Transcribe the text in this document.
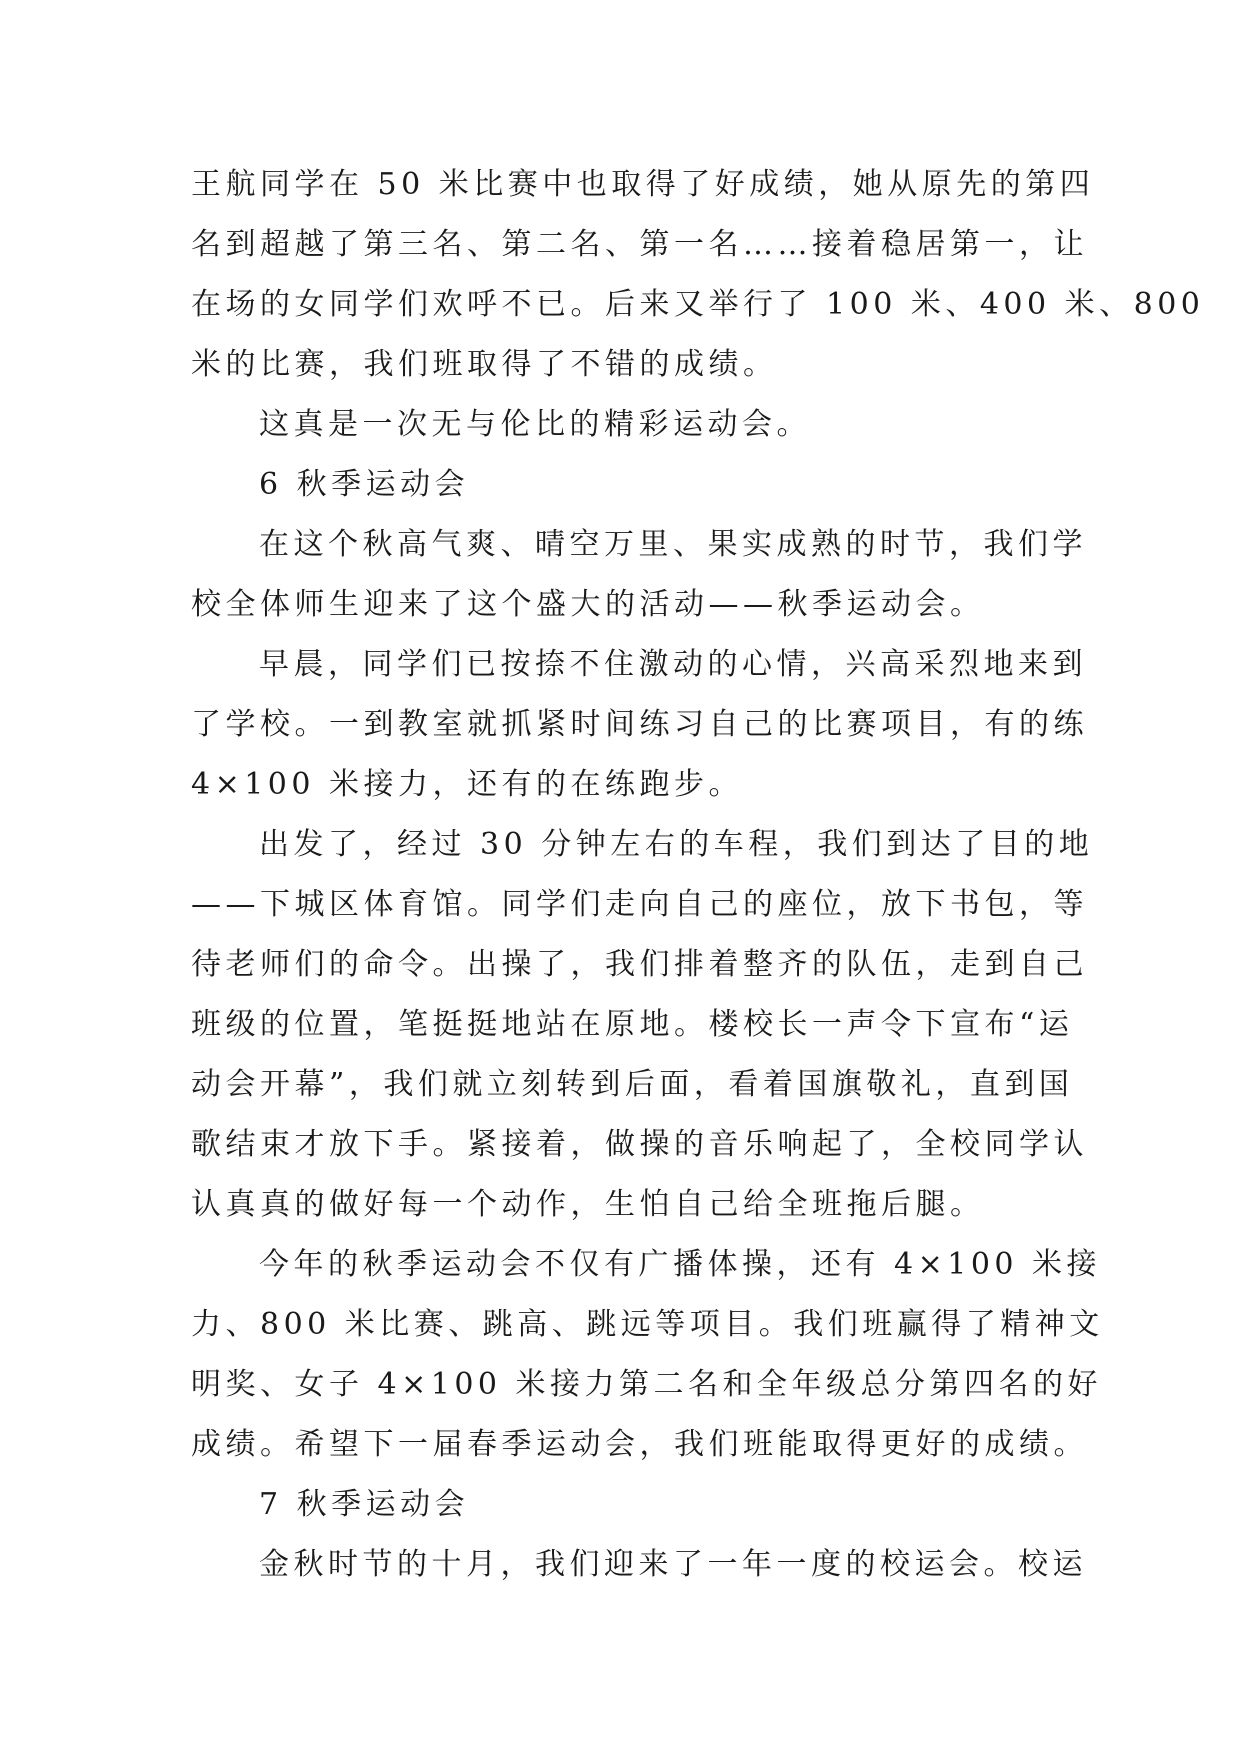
王航同学在 50 米比赛中也取得了好成绩，她从原先的第四
名到超越了第三名、第二名、第一名……接着稳居第一，让
在场的女同学们欢呼不已。后来又举行了 100 米、400 米、800
米的比赛，我们班取得了不错的成绩。
这真是一次无与伦比的精彩运动会。
6 秋季运动会
在这个秋高气爽、晴空万里、果实成熟的时节，我们学
校全体师生迎来了这个盛大的活动——秋季运动会。
早晨，同学们已按捺不住激动的心情，兴高采烈地来到
了学校。一到教室就抓紧时间练习自己的比赛项目，有的练
4×100 米接力，还有的在练跑步。
出发了，经过 30 分钟左右的车程，我们到达了目的地
——下城区体育馆。同学们走向自己的座位，放下书包，等
待老师们的命令。出操了，我们排着整齐的队伍，走到自己
班级的位置，笔挺挺地站在原地。楼校长一声令下宣布“运
动会开幕”，我们就立刻转到后面，看着国旗敬礼，直到国
歌结束才放下手。紧接着，做操的音乐响起了，全校同学认
认真真的做好每一个动作，生怕自己给全班拖后腿。
今年的秋季运动会不仅有广播体操，还有 4×100 米接
力、800 米比赛、跳高、跳远等项目。我们班赢得了精神文
明奖、女子 4×100 米接力第二名和全年级总分第四名的好
成绩。希望下一届春季运动会，我们班能取得更好的成绩。
7 秋季运动会
金秋时节的十月，我们迎来了一年一度的校运会。校运
